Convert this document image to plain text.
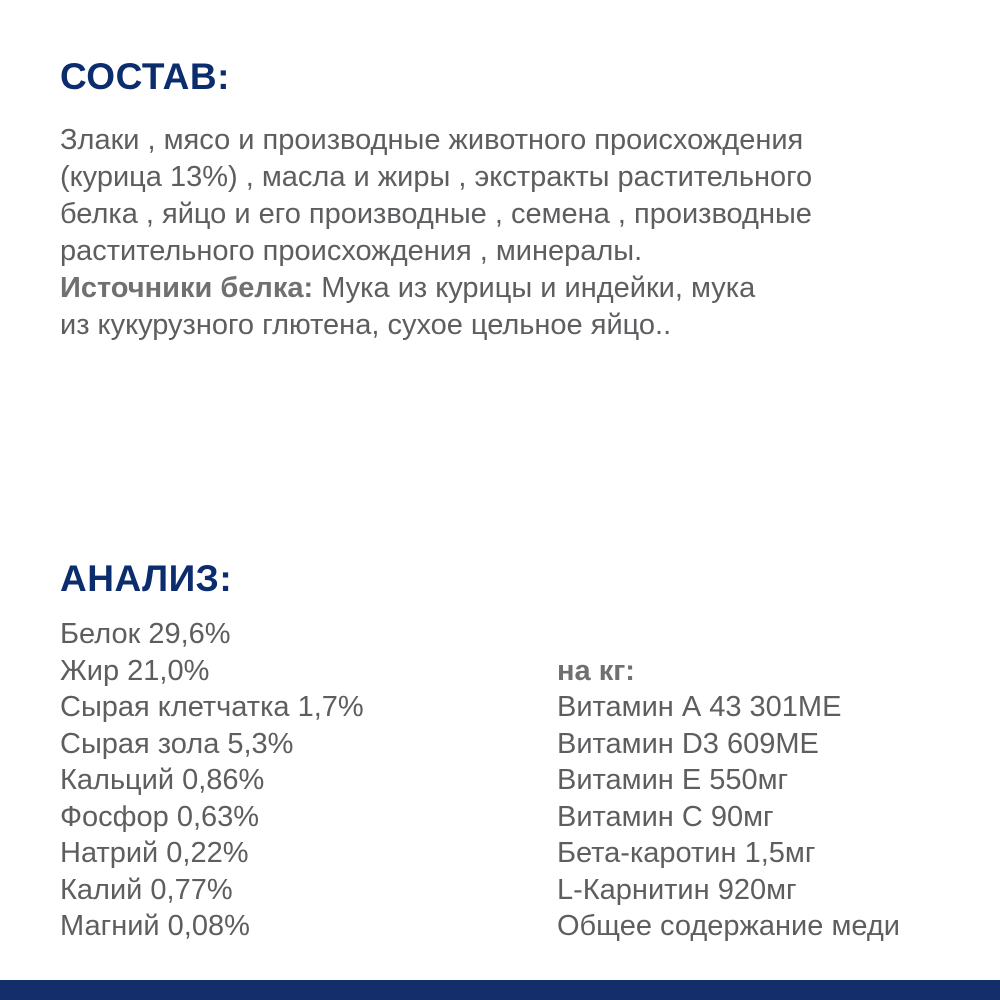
СОСТАВ:

Злаки , мясо и производные животного происхождения
(курица 13%) , масла и жиры , экстракты растительного
белка , яйцо и его производные , семена , производные
растительного происхождения , минералы.
Источники белка: Мука из курицы и индейки, мука
из кукурузного глютена, сухое цельное яйцо..

АНАЛИЗ:
Белок 29,6%
Жир 21,0%
Сырая клетчатка 1,7%
Сырая зола 5,3%
Кальций 0,86%
Фосфор 0,63%
Натрий 0,22%
Калий 0,77%
Магний 0,08%

на кг:
Витамин А 43 301МЕ
Витамин D3 609МЕ
Витамин Е 550мг
Витамин С 90мг
Бета-каротин 1,5мг
L-Карнитин 920мг
Общее содержание меди
